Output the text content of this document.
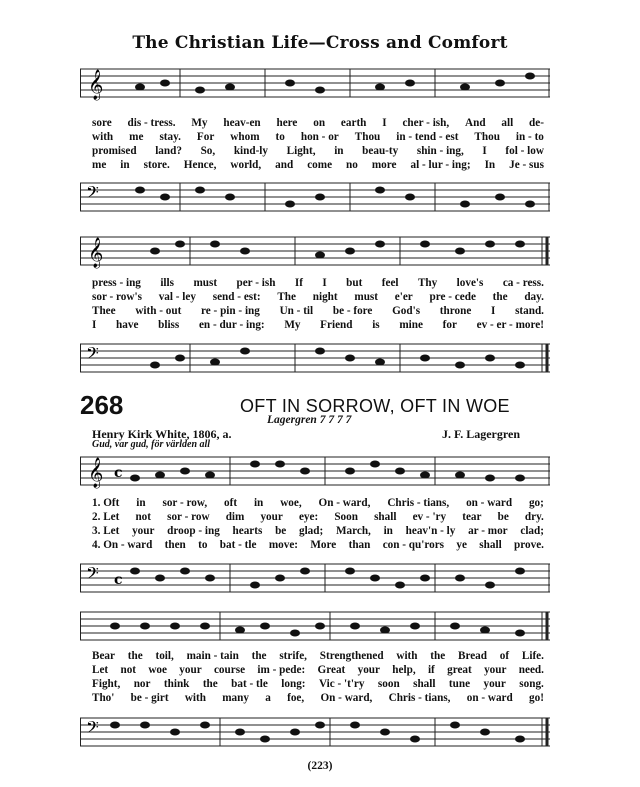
The Christian Life—Cross and Comfort
𝄞
sore dis - tress. My heav-en here on earth I cher - ish, And all de-
with me stay. For whom to hon - or Thou in - tend - est Thou in - to
promised land? So, kind-ly Light, in beau-ty shin - ing, I fol - low
me in store. Hence, world, and come no more al - lur - ing; In Je - sus
𝄢
𝄞
press - ing ills must per - ish If I but feel Thy love's ca - ress.
sor - row's val - ley send - est: The night must e'er pre - cede the day.
Thee with - out re - pin - ing Un - til be - fore God's throne I stand.
I have bliss en - dur - ing: My Friend is mine for ev - er - more!
𝄢
268	OFT IN SORROW, OFT IN WOE
Lagergren 7 7 7 7
Henry Kirk White, 1806, a.
Gud, var gud, för världen all
J. F. Lagergren
𝄞 c
1. Oft in sor - row, oft in woe, On - ward, Chris - tians, on - ward go;
2. Let not sor - row dim your eye: Soon shall ev - 'ry tear be dry.
3. Let your droop - ing hearts be glad; March, in heav'n - ly ar - mor clad;
4. On - ward then to bat - tle move: More than con - qu'rors ye shall prove.
𝄢 c
Bear the toil, main - tain the strife, Strengthened with the Bread of Life.
Let not woe your course im - pede: Great your help, if great your need.
Fight, nor think the bat - tle long: Vic - 't'ry soon shall tune your song.
Tho' be - girt with many a foe, On - ward, Chris - tians, on - ward go!
𝄢
(223)
